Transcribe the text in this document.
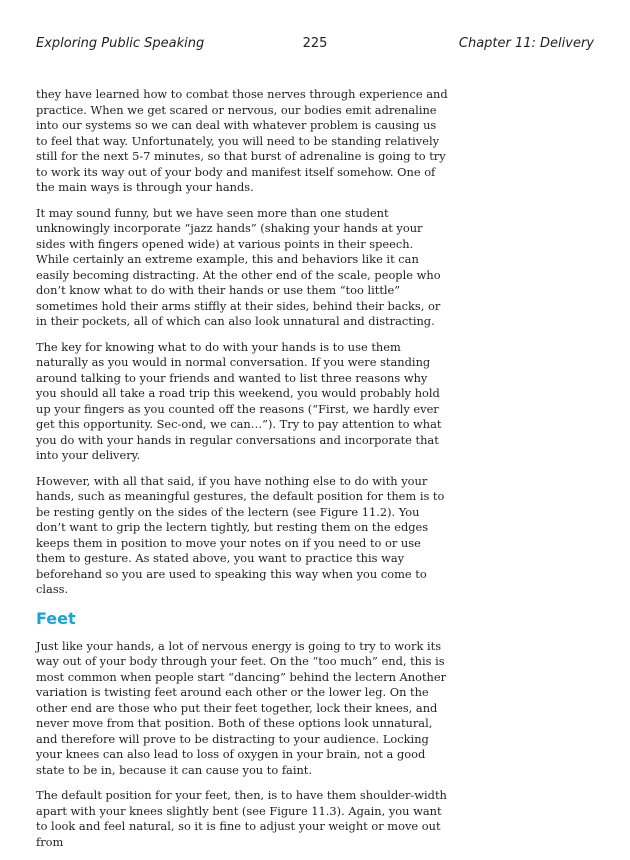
Exploring Public Speaking	225	Chapter 11: Delivery

they have learned how to combat those nerves through experience and practice. When we get scared or nervous, our bodies emit adrenaline into our systems so we can deal with whatever problem is causing us to feel that way. Unfortunately, you will need to be standing relatively still for the next 5-7 minutes, so that burst of adrenaline is going to try to work its way out of your body and manifest itself somehow. One of the main ways is through your hands.

It may sound funny, but we have seen more than one student unknowingly incorporate “jazz hands” (shaking your hands at your sides with fingers opened wide) at various points in their speech. While certainly an extreme example, this and behaviors like it can easily becoming distracting. At the other end of the scale, people who don’t know what to do with their hands or use them “too little” sometimes hold their arms stiffly at their sides, behind their backs, or in their pockets, all of which can also look unnatural and distracting.

The key for knowing what to do with your hands is to use them naturally as you would in normal conversation. If you were standing around talking to your friends and wanted to list three reasons why you should all take a road trip this weekend, you would probably hold up your fingers as you counted off the reasons (“First, we hardly ever get this opportunity. Sec-ond, we can…”). Try to pay attention to what you do with your hands in regular conversations and incorporate that into your delivery.

However, with all that said, if you have nothing else to do with your hands, such as meaningful gestures, the default position for them is to be resting gently on the sides of the lectern (see Figure 11.2). You don’t want to grip the lectern tightly, but resting them on the edges keeps them in position to move your notes on if you need to or use them to gesture. As stated above, you want to practice this way beforehand so you are used to speaking this way when you come to class.

Feet

Just like your hands, a lot of nervous energy is going to try to work its way out of your body through your feet. On the “too much” end, this is most common when people start “dancing” behind the lectern Another variation is twisting feet around each other or the lower leg. On the other end are those who put their feet together, lock their knees, and never move from that position. Both of these options look unnatural, and therefore will prove to be distracting to your audience. Locking your knees can also lead to loss of oxygen in your brain, not a good state to be in, because it can cause you to faint.

The default position for your feet, then, is to have them shoulder-width apart with your knees slightly bent (see Figure 11.3). Again, you want to look and feel natural, so it is fine to adjust your weight or move out from
